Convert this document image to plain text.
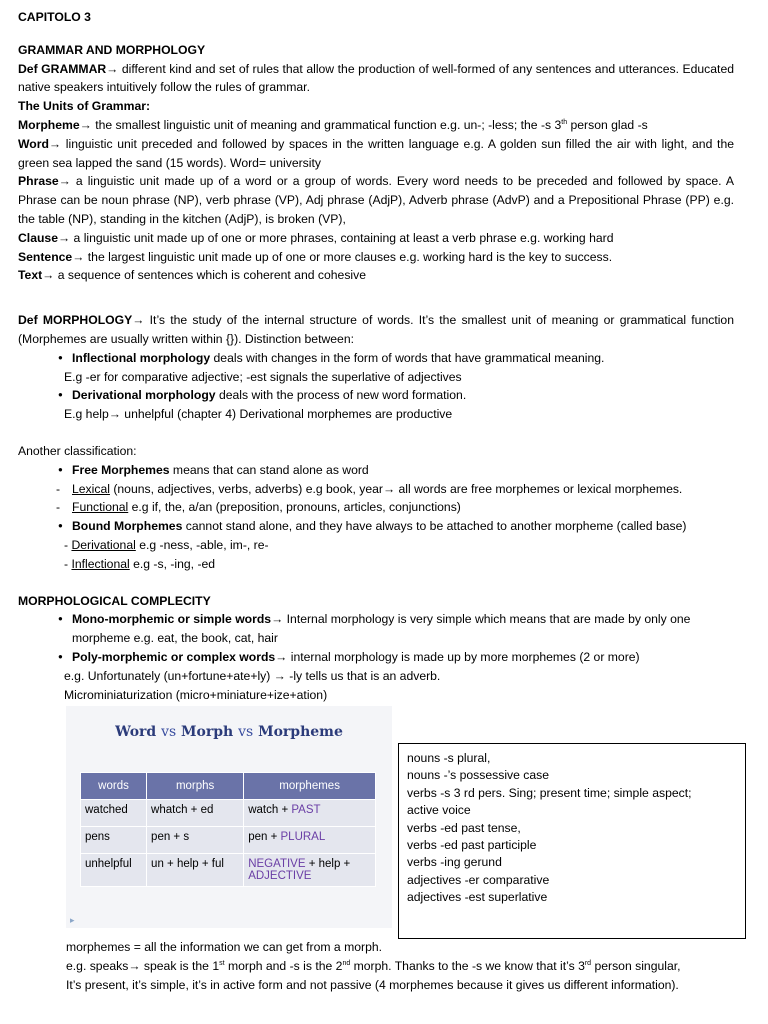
CAPITOLO 3
GRAMMAR AND MORPHOLOGY
Def GRAMMAR→ different kind and set of rules that allow the production of well-formed of any sentences and utterances. Educated native speakers intuitively follow the rules of grammar.
The Units of Grammar:
Morpheme→ the smallest linguistic unit of meaning and grammatical function e.g. un-; -less; the -s 3th person glad -s
Word→ linguistic unit preceded and followed by spaces in the written language e.g. A golden sun filled the air with light, and the green sea lapped the sand (15 words). Word= university
Phrase→ a linguistic unit made up of a word or a group of words. Every word needs to be preceded and followed by space. A Phrase can be noun phrase (NP), verb phrase (VP), Adj phrase (AdjP), Adverb phrase (AdvP) and a Prepositional Phrase (PP) e.g. the table (NP), standing in the kitchen (AdjP), is broken (VP),
Clause→ a linguistic unit made up of one or more phrases, containing at least a verb phrase e.g. working hard
Sentence→ the largest linguistic unit made up of one or more clauses e.g. working hard is the key to success.
Text→ a sequence of sentences which is coherent and cohesive
Def MORPHOLOGY→ It’s the study of the internal structure of words. It’s the smallest unit of meaning or grammatical function (Morphemes are usually written within {}). Distinction between:
● Inflectional morphology deals with changes in the form of words that have grammatical meaning.
E.g -er for comparative adjective; -est signals the superlative of adjectives
● Derivational morphology deals with the process of new word formation.
E.g help→ unhelpful (chapter 4) Derivational morphemes are productive
Another classification:
● Free Morphemes means that can stand alone as word
- Lexical (nouns, adjectives, verbs, adverbs) e.g book, year→ all words are free morphemes or lexical morphemes.
- Functional e.g if, the, a/an (preposition, pronouns, articles, conjunctions)
● Bound Morphemes cannot stand alone, and they have always to be attached to another morpheme (called base)
- Derivational e.g -ness, -able, im-, re-
- Inflectional e.g -s, -ing, -ed
MORPHOLOGICAL COMPLECITY
● Mono-morphemic or simple words→ Internal morphology is very simple which means that are made by only one morpheme e.g. eat, the book, cat, hair
● Poly-morphemic or complex words→ internal morphology is made up by more morphemes (2 or more)
e.g. Unfortunately (un+fortune+ate+ly) → -ly tells us that is an adverb.
Microminiaturization (micro+miniature+ize+ation)
Word vs Morph vs Morpheme
words	morphs	morphemes
watched	whatch + ed	watch + PAST
pens	pen + s	pen + PLURAL
unhelpful	un + help + ful	NEGATIVE + help +
ADJECTIVE
▸
nouns -s plural,
nouns -’s possessive case
verbs -s 3 rd pers. Sing; present time; simple aspect;
active voice
verbs -ed past tense,
verbs -ed past participle
verbs -ing gerund
adjectives -er comparative
adjectives -est superlative
morphemes = all the information we can get from a morph.
e.g. speaks→ speak is the 1st morph and -s is the 2nd morph. Thanks to the -s we know that it’s 3rd person singular,
It’s present, it’s simple, it’s in active form and not passive (4 morphemes because it gives us different information).
